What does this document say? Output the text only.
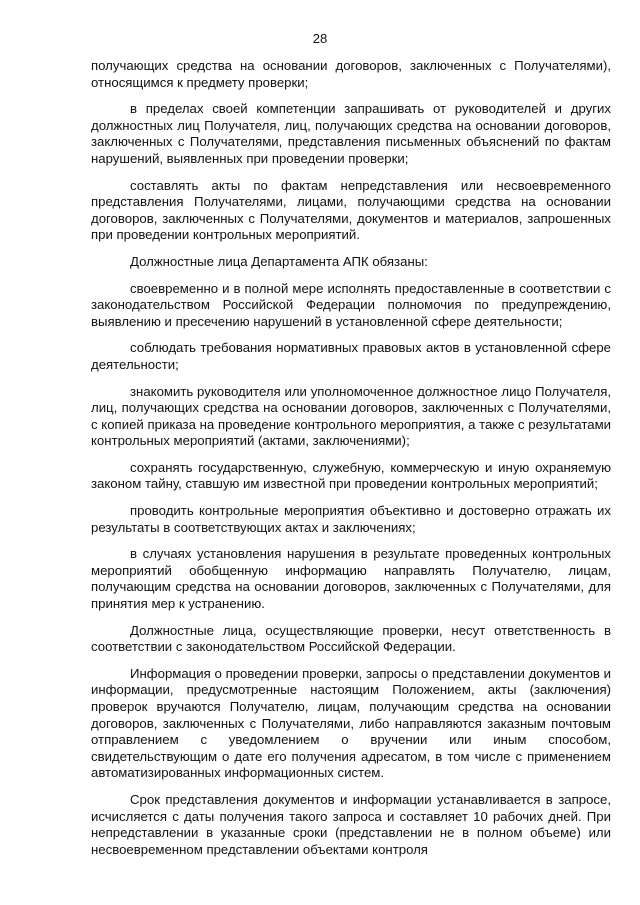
28

получающих средства на основании договоров, заключенных с Получателями), относящимся к предмету проверки;

в пределах своей компетенции запрашивать от руководителей и других должностных лиц Получателя, лиц, получающих средства на основании договоров, заключенных с Получателями, представления письменных объяснений по фактам нарушений, выявленных при проведении проверки;

составлять акты по фактам непредставления или несвоевременного представления Получателями, лицами, получающими средства на основании договоров, заключенных с Получателями, документов и материалов, запрошенных при проведении контрольных мероприятий.

Должностные лица Департамента АПК обязаны:

своевременно и в полной мере исполнять предоставленные в соответствии с законодательством Российской Федерации полномочия по предупреждению, выявлению и пресечению нарушений в установленной сфере деятельности;

соблюдать требования нормативных правовых актов в установленной сфере деятельности;

знакомить руководителя или уполномоченное должностное лицо Получателя, лиц, получающих средства на основании договоров, заключенных с Получателями, с копией приказа на проведение контрольного мероприятия, а также с результатами контрольных мероприятий (актами, заключениями);

сохранять государственную, служебную, коммерческую и иную охраняемую законом тайну, ставшую им известной при проведении контрольных мероприятий;

проводить контрольные мероприятия объективно и достоверно отражать их результаты в соответствующих актах и заключениях;

в случаях установления нарушения в результате проведенных контрольных мероприятий обобщенную информацию направлять Получателю, лицам, получающим средства на основании договоров, заключенных с Получателями, для принятия мер к устранению.

Должностные лица, осуществляющие проверки, несут ответственность в соответствии с законодательством Российской Федерации.

Информация о проведении проверки, запросы о представлении документов и информации, предусмотренные настоящим Положением, акты (заключения) проверок вручаются Получателю, лицам, получающим средства на основании договоров, заключенных с Получателями, либо направляются заказным почтовым отправлением с уведомлением о вручении или иным способом, свидетельствующим о дате его получения адресатом, в том числе с применением автоматизированных информационных систем.

Срок представления документов и информации устанавливается в запросе, исчисляется с даты получения такого запроса и составляет 10 рабочих дней. При непредставлении в указанные сроки (представлении не в полном объеме) или несвоевременном представлении объектами контроля
